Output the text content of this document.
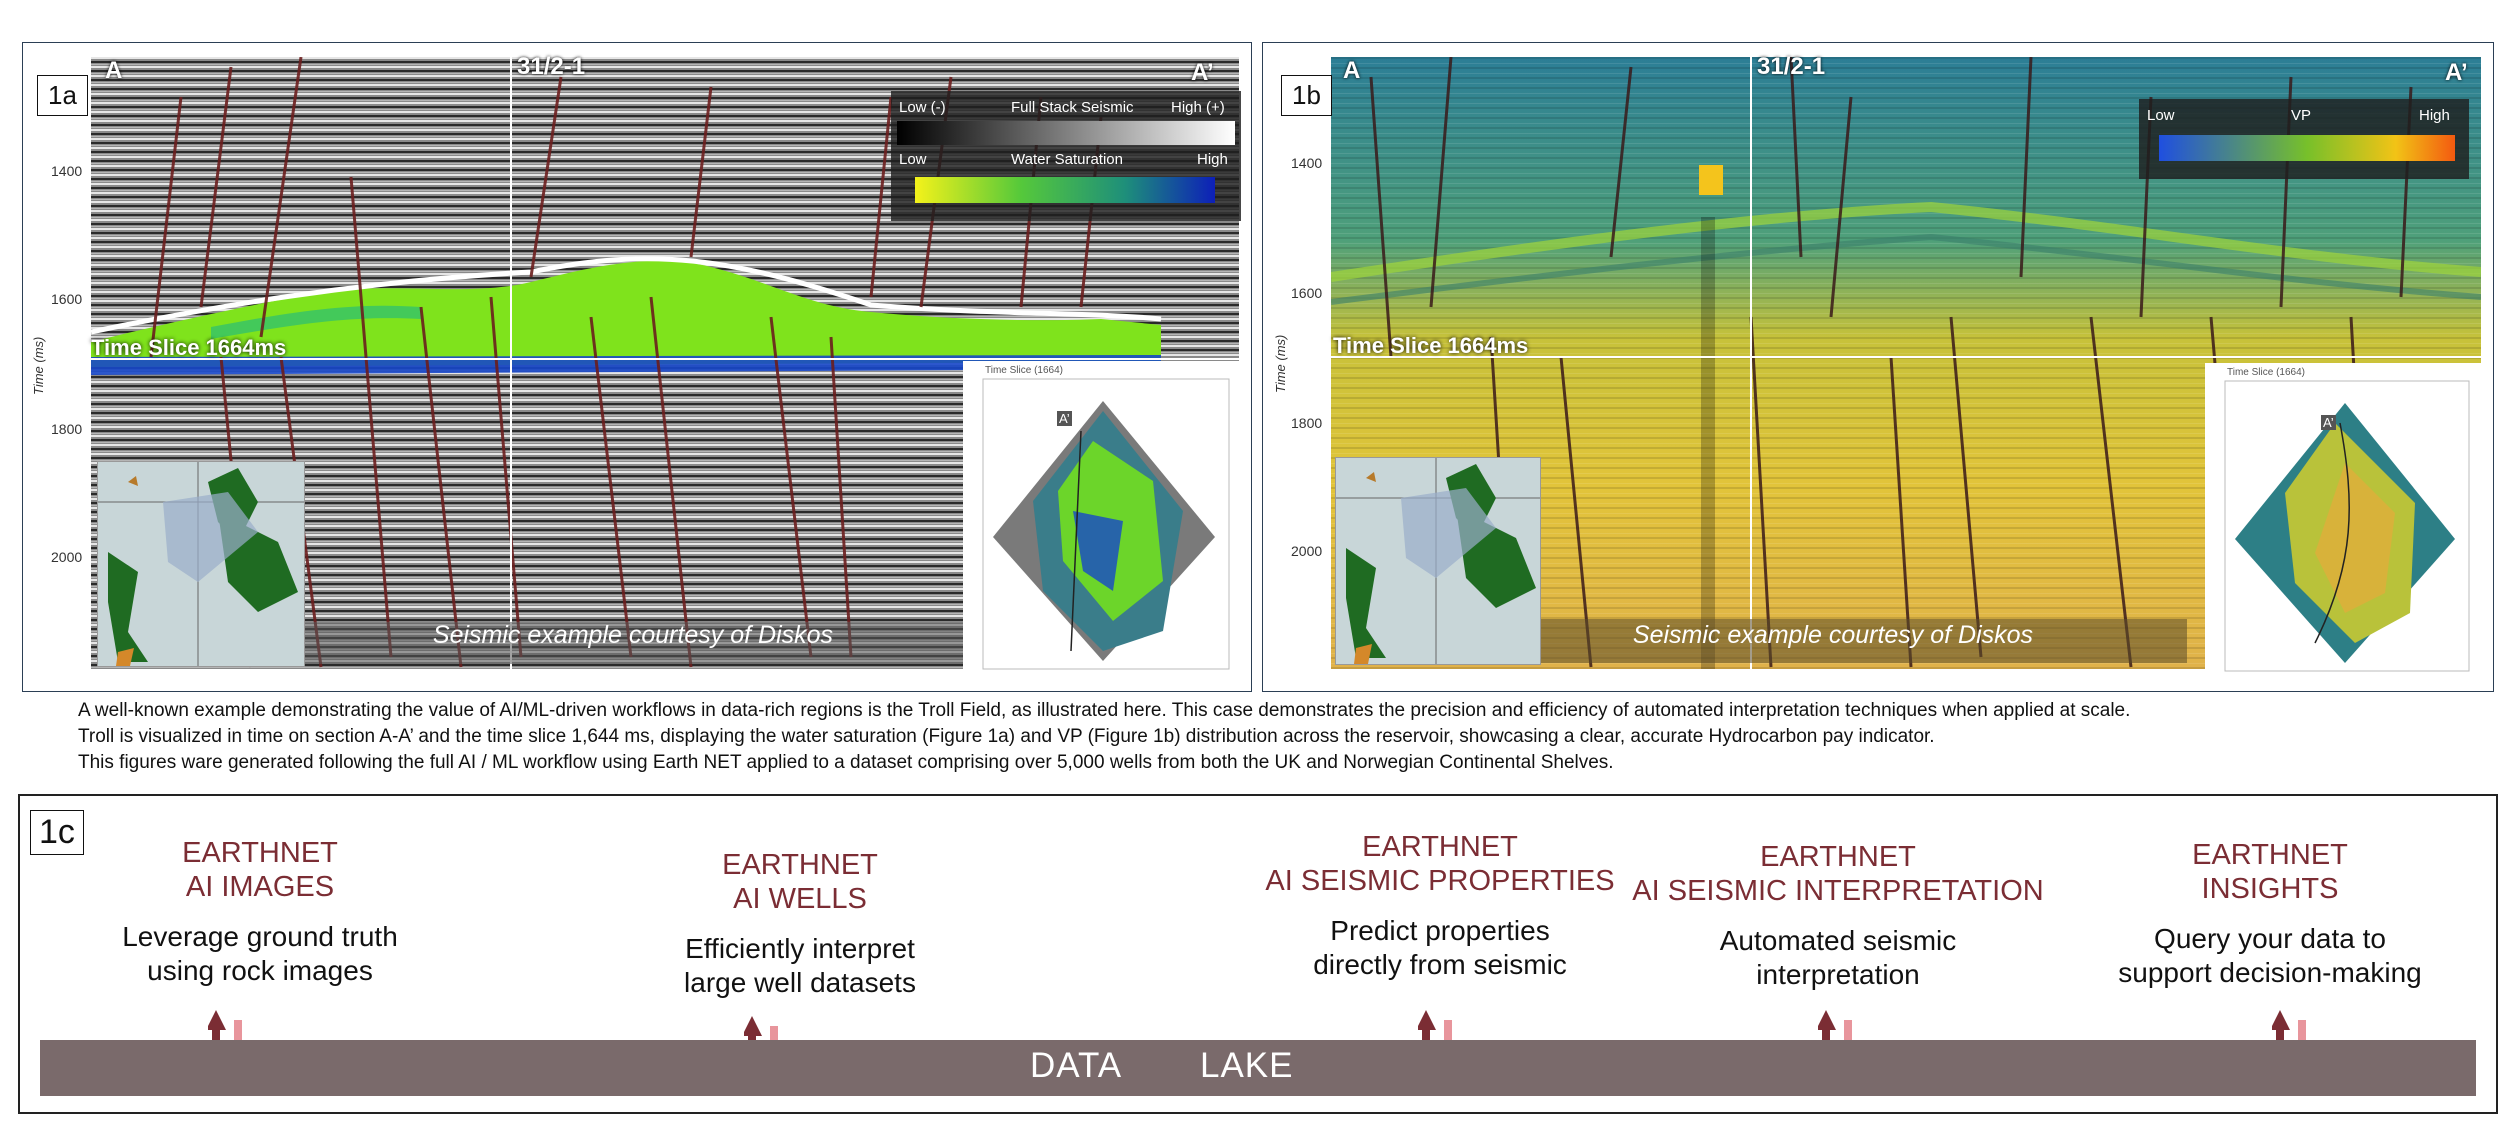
1a
Time (ms)
1400
1600
1800
2000
A	31/2-1	A’
Time Slice 1664ms
Low (-)	Full Stack Seismic High (+)
Low	Water Saturation	High
Time Slice (1664)
A’
A
Seismic example courtesy of Diskos
1b
Time (ms)
1400
1600
1800
2000
A	31/2-1	A’
Time Slice 1664ms
Low	VP	High
Time Slice (1664)
A’
A
Seismic example courtesy of Diskos
A well-known example demonstrating the value of AI/ML-driven workflows in data-rich regions is the Troll Field, as illustrated here. This case demonstrates the precision and efficiency of automated interpretation techniques when applied at scale.
Troll is visualized in time on section A-A’ and the time slice 1,644 ms, displaying the water saturation (Figure 1a) and VP (Figure 1b) distribution across the reservoir, showcasing a clear, accurate Hydrocarbon pay indicator.
This figures ware generated following the full AI / ML workflow using Earth NET applied to a dataset comprising over 5,000 wells from both the UK and Norwegian Continental Shelves.
1c
EARTHNET
AI IMAGES
Leverage ground truth
using rock images
EARTHNET
AI WELLS
Efficiently interpret
large well datasets
EARTHNET
AI SEISMIC PROPERTIES
Predict properties
directly from seismic
EARTHNET
AI SEISMIC INTERPRETATION
Automated seismic
interpretation
EARTHNET
INSIGHTS
Query your data to
support decision-making
DATA LAKE
